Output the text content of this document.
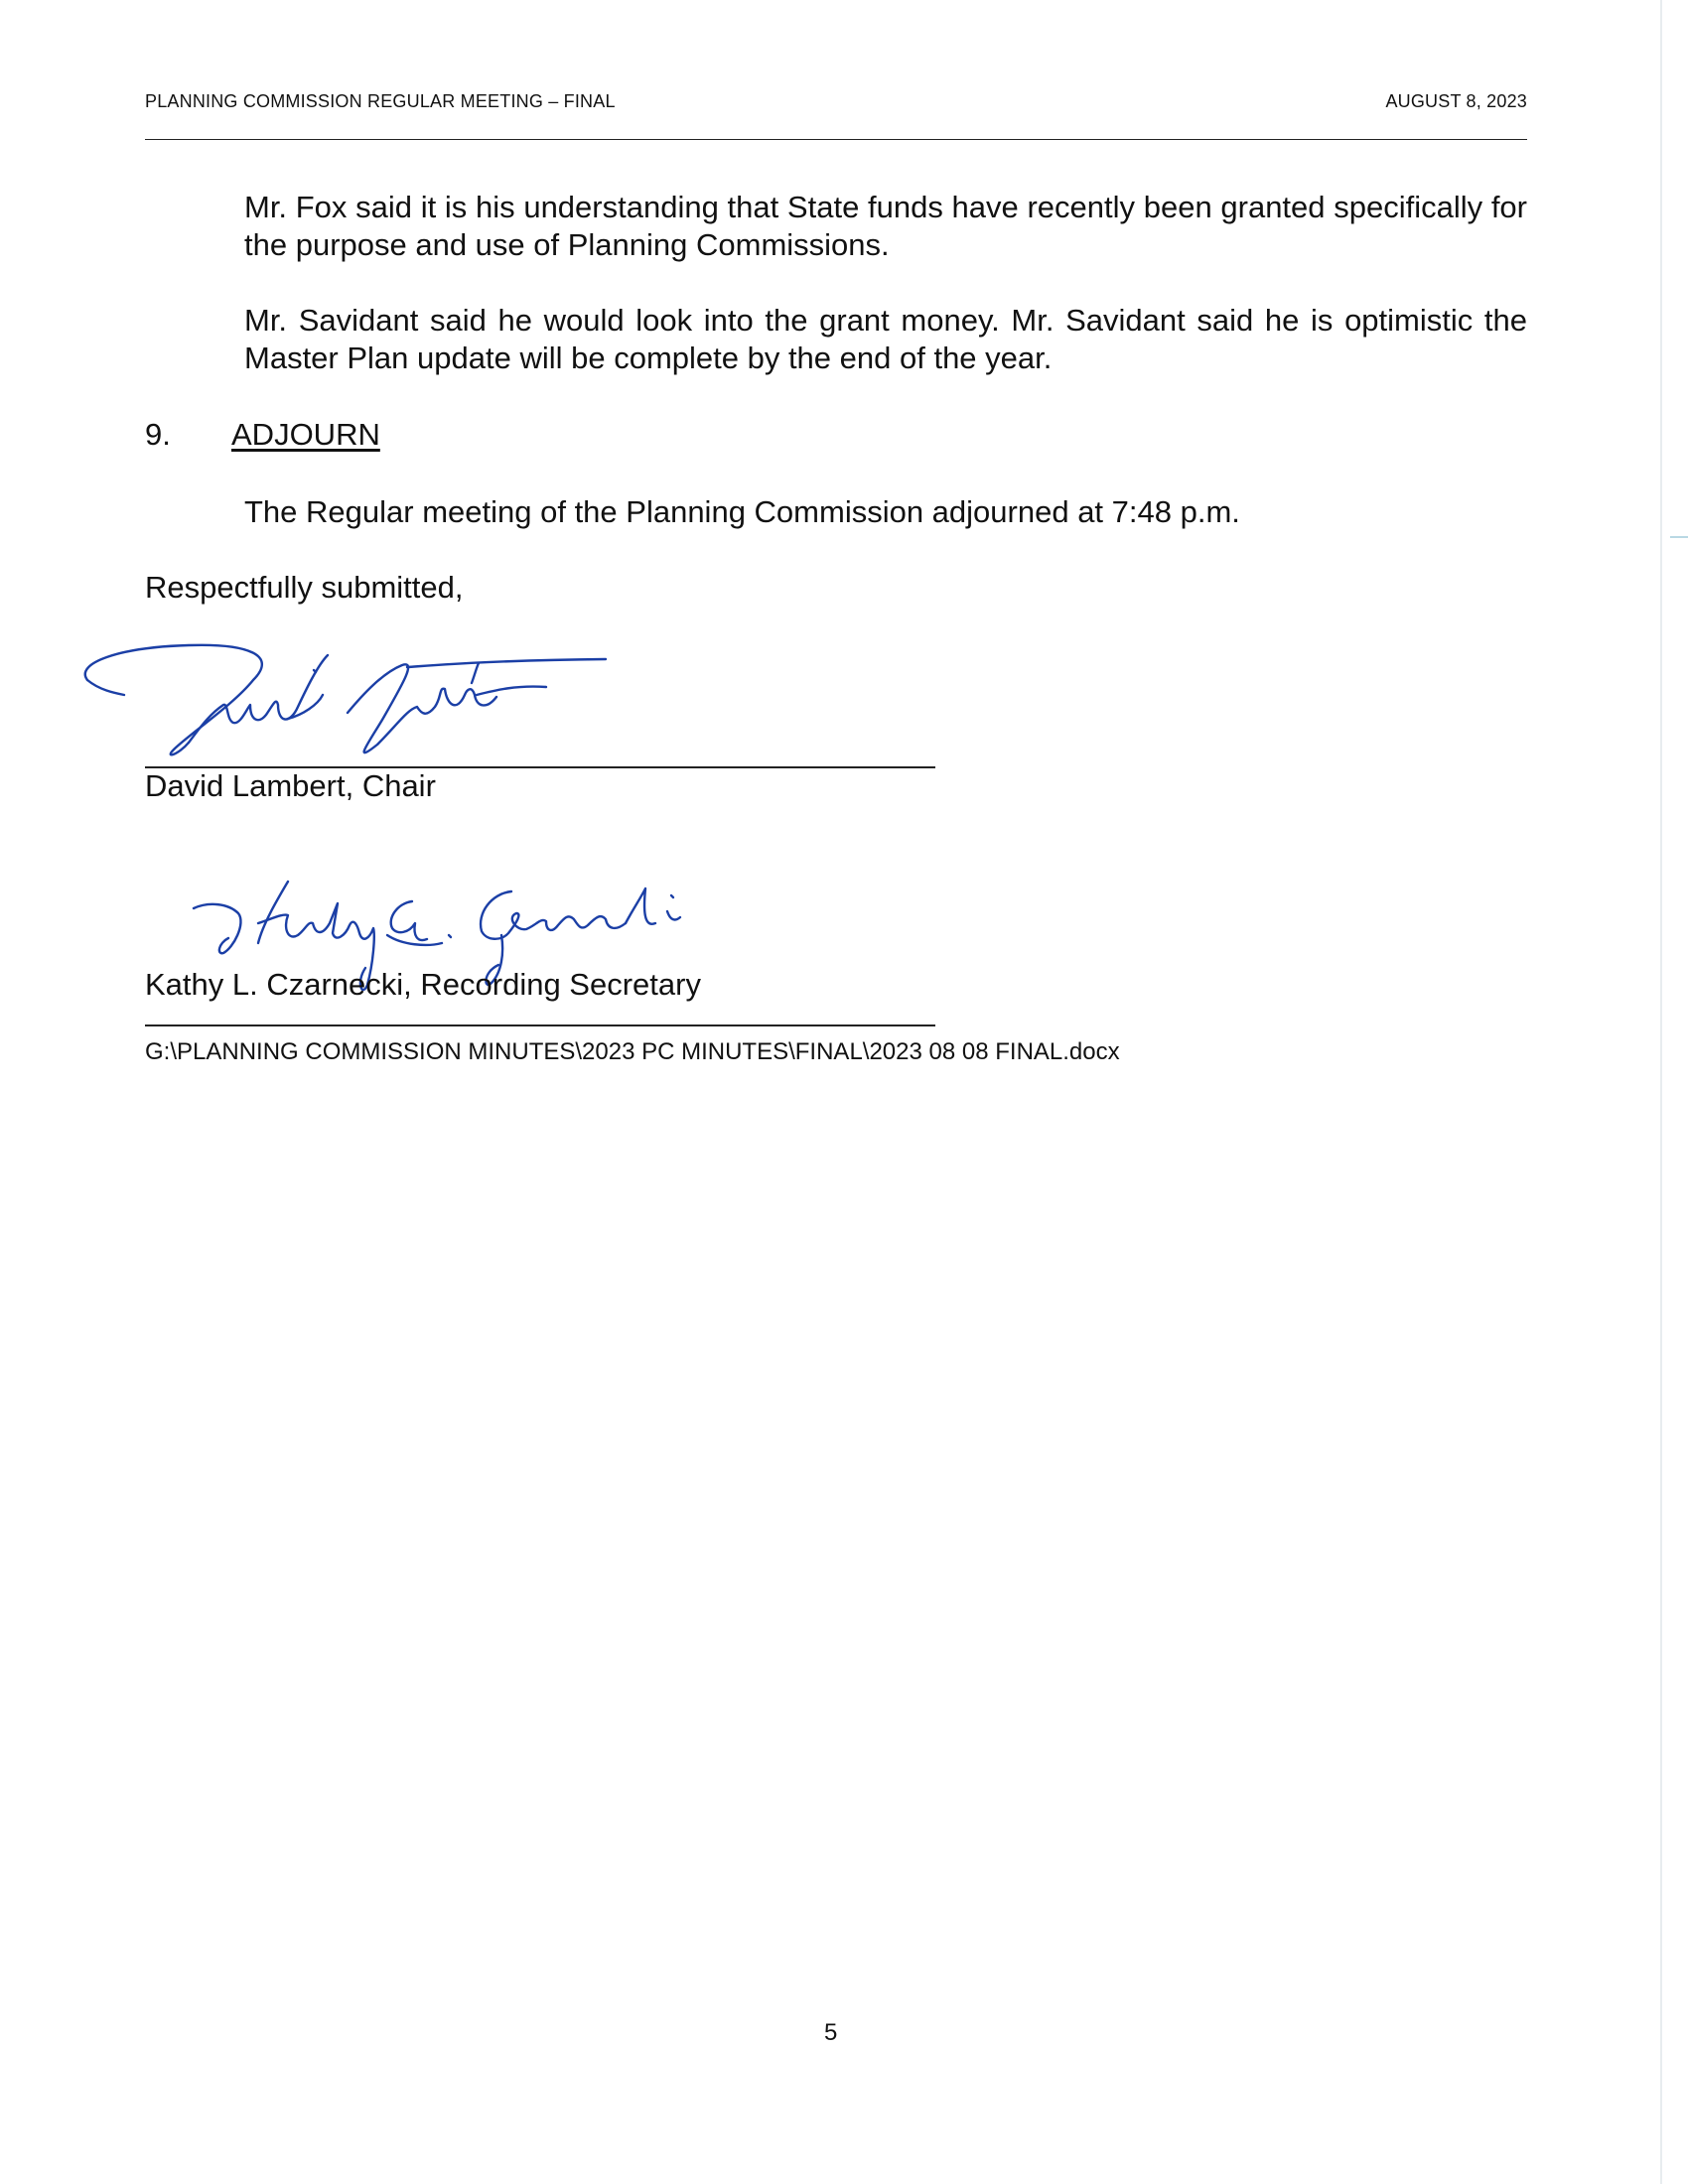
PLANNING COMMISSION REGULAR MEETING – FINAL	AUGUST 8, 2023
Mr. Fox said it is his understanding that State funds have recently been granted specifically for the purpose and use of Planning Commissions.
Mr. Savidant said he would look into the grant money. Mr. Savidant said he is optimistic the Master Plan update will be complete by the end of the year.
9. ADJOURN
The Regular meeting of the Planning Commission adjourned at 7:48 p.m.
Respectfully submitted,
David Lambert, Chair
Kathy L. Czarnecki, Recording Secretary
G:\PLANNING COMMISSION MINUTES\2023 PC MINUTES\FINAL\2023 08 08 FINAL.docx
5
